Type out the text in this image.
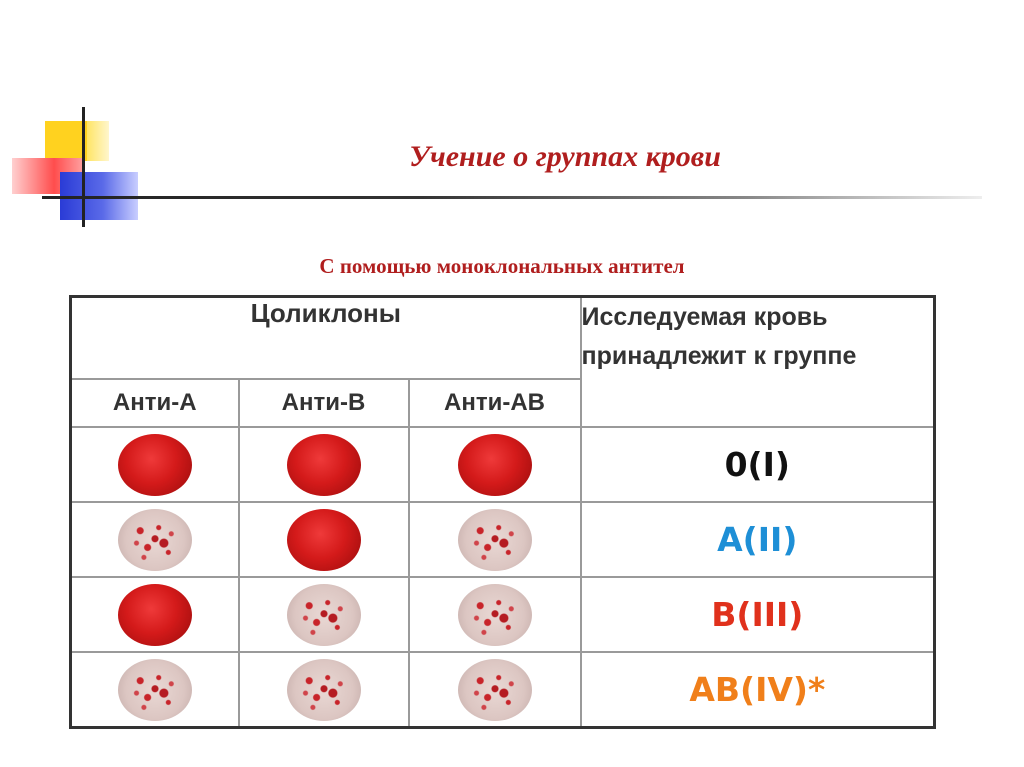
Учение о группах крови
С помощью моноклональных антител
Цоликлоны			Исследуемая кровь принадлежит к группе
Анти-А	Анти-В	Анти-АВ	
			0(I)
			A(II)
			B(III)
			AB(IV)*
